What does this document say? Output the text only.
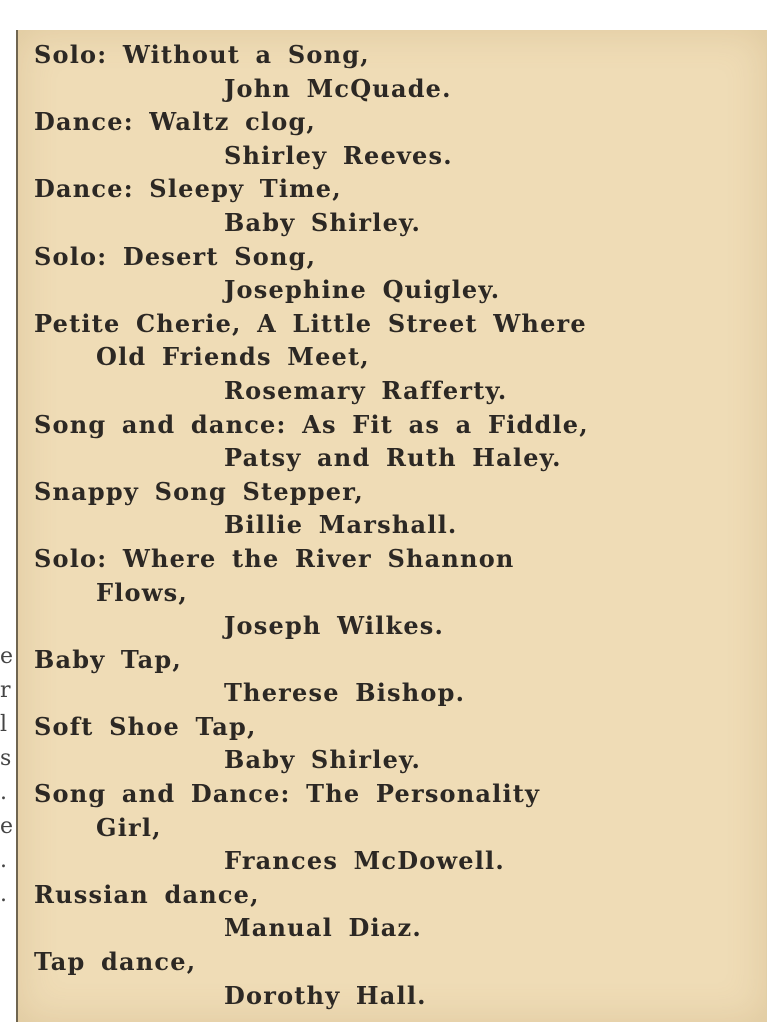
Solo: Without a Song,
John McQuade.
Dance: Waltz clog,
Shirley Reeves.
Dance: Sleepy Time,
Baby Shirley.
Solo: Desert Song,
Josephine Quigley.
Petite Cherie, A Little Street Where
Old Friends Meet,
Rosemary Rafferty.
Song and dance: As Fit as a Fiddle,
Patsy and Ruth Haley.
Snappy Song Stepper,
Billie Marshall.
Solo: Where the River Shannon
Flows,
Joseph Wilkes.
Baby Tap,
Therese Bishop.
Soft Shoe Tap,
Baby Shirley.
Song and Dance: The Personality
Girl,
Frances McDowell.
Russian dance,
Manual Diaz.
Tap dance,
Dorothy Hall.
e
r
l
s
.
e
.
.
